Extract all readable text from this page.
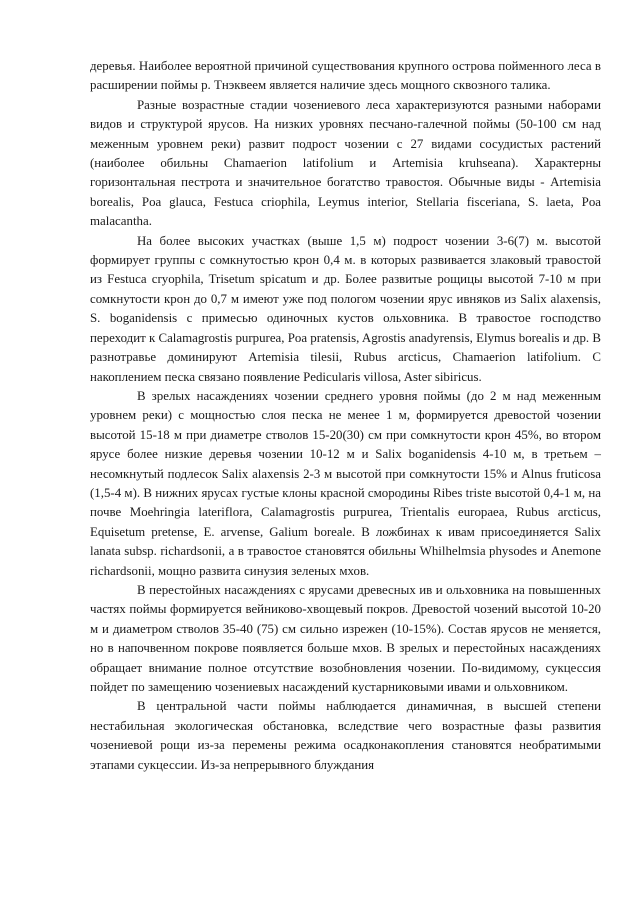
деревья. Наиболее вероятной причиной существования крупного острова пойменного леса в расширении поймы р. Тнэквеем является наличие здесь мощного сквозного талика.

Разные возрастные стадии чозениевого леса характеризуются разными наборами видов и структурой ярусов. На низких уровнях песчано-галечной поймы (50-100 см над меженным уровнем реки) развит подрост чозении с 27 видами сосудистых растений (наиболее обильны Chamaerion latifolium и Artemisia kruhseana). Характерны горизонтальная пестрота и значительное богатство травостоя. Обычные виды - Artemisia borealis, Poa glauca, Festuca criophila, Leymus interior, Stellaria fisceriana, S. laeta, Poa malacantha.

На более высоких участках (выше 1,5 м) подрост чозении 3-6(7) м. высотой формирует группы с сомкнутостью крон 0,4 м. в которых развивается злаковый травостой из Festuca cryophila, Trisetum spicatum и др. Более развитые рощицы высотой 7-10 м при сомкнутости крон до 0,7 м имеют уже под пологом чозении ярус ивняков из Salix alaxensis, S. boganidensis с примесью одиночных кустов ольховника. В травостое господство переходит к Calamagrostis purpurea, Poa pratensis, Agrostis anadyrensis, Elymus borealis и др. В разнотравье доминируют Artemisia tilesii, Rubus arcticus, Chamaerion latifolium. С накоплением песка связано появление Pedicularis villosa, Aster sibiricus.

В зрелых насаждениях чозении среднего уровня поймы (до 2 м над меженным уровнем реки) с мощностью слоя песка не менее 1 м, формируется древостой чозении высотой 15-18 м при диаметре стволов 15-20(30) см при сомкнутости крон 45%, во втором ярусе более низкие деревья чозении 10-12 м и Salix boganidensis 4-10 м, в третьем – несомкнутый подлесок Salix alaxensis 2-3 м высотой при сомкнутости 15% и Alnus fruticosa (1,5-4 м). В нижних ярусах густые клоны красной смородины Ribes triste высотой 0,4-1 м, на почве Moehringia lateriflora, Calamagrostis purpurea, Trientalis europaea, Rubus arcticus, Equisetum pretense, E. arvense, Galium boreale. В ложбинах к ивам присоединяется Salix lanata subsp. richardsonii, а в травостое становятся обильны Whilhelmsia physodes и Anemone richardsonii, мощно развита синузия зеленых мхов.

В перестойных насаждениях с ярусами древесных ив и ольховника на повышенных частях поймы формируется вейниково-хвощевый покров. Древостой чозений высотой 10-20 м и диаметром стволов 35-40 (75) см сильно изрежен (10-15%). Состав ярусов не меняется, но в напочвенном покрове появляется больше мхов. В зрелых и перестойных насаждениях обращает внимание полное отсутствие возобновления чозении. По-видимому, сукцессия пойдет по замещению чозениевых насаждений кустарниковыми ивами и ольховником.

В центральной части поймы наблюдается динамичная, в высшей степени нестабильная экологическая обстановка, вследствие чего возрастные фазы развития чозениевой рощи из-за перемены режима осадконакопления становятся необратимыми этапами сукцессии. Из-за непрерывного блуждания
